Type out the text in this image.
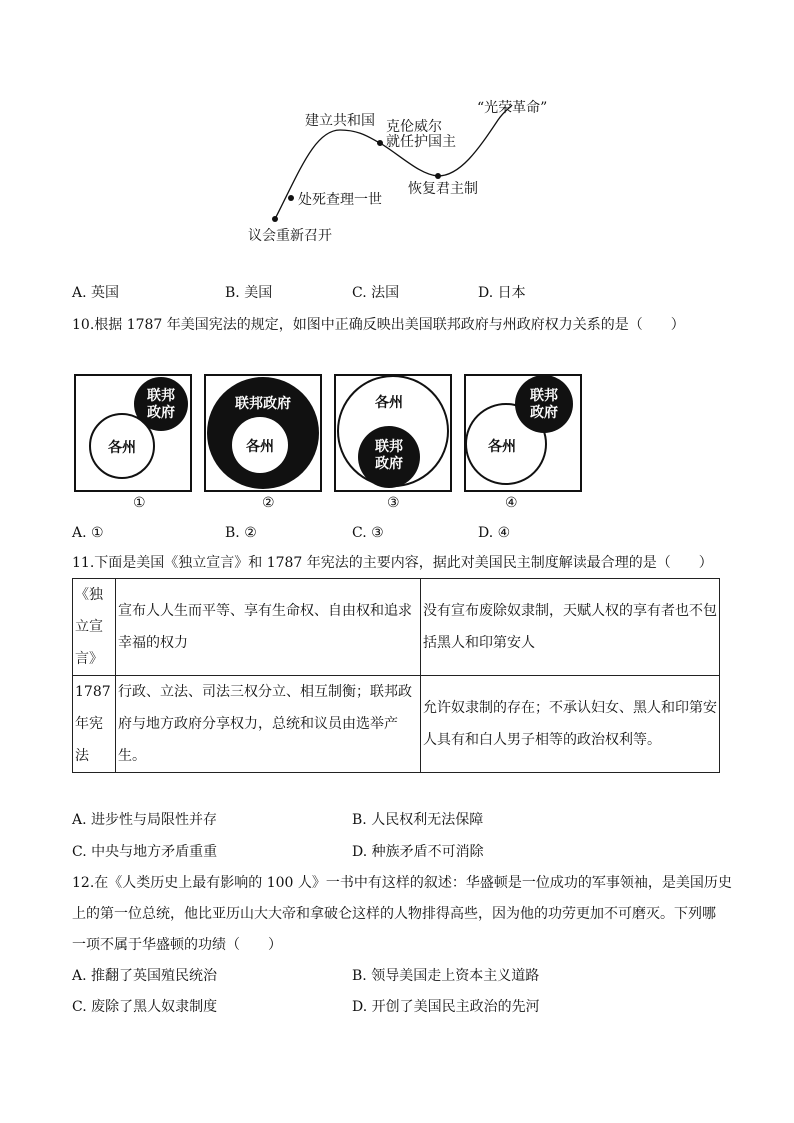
议会重新召开
处死查理一世
建立共和国 克伦威尔
就任护国主
恢复君主制
“光荣革命”
A. 英国	B. 美国	C. 法国	D. 日本
10.根据 1787 年美国宪法的规定，如图中正确反映出美国联邦政府与州政府权力关系的是（　　）
联邦
政府
各州
联邦政府
各州
各州
联邦
政府
联邦
政府
各州
①	②	③	④
A. ①	B. ②	C. ③	D. ④
11.下面是美国《独立宣言》和 1787 年宪法的主要内容，据此对美国民主制度解读最合理的是（　　）
《独立宣言》	宣布人人生而平等、享有生命权、自由权和追求幸福的权力	没有宣布废除奴隶制，天赋人权的享有者也不包括黑人和印第安人
1787年宪法	行政、立法、司法三权分立、相互制衡；联邦政府与地方政府分享权力，总统和议员由选举产生。	允许奴隶制的存在；不承认妇女、黑人和印第安人具有和白人男子相等的政治权利等。
A. 进步性与局限性并存	B. 人民权利无法保障
C. 中央与地方矛盾重重	D. 种族矛盾不可消除
12.在《人类历史上最有影响的 100 人》一书中有这样的叙述：华盛顿是一位成功的军事领袖，是美国历史
上的第一位总统，他比亚历山大大帝和拿破仑这样的人物排得高些，因为他的功劳更加不可磨灭。下列哪
一项不属于华盛顿的功绩（　　）
A. 推翻了英国殖民统治	B. 领导美国走上资本主义道路
C. 废除了黑人奴隶制度	D. 开创了美国民主政治的先河
